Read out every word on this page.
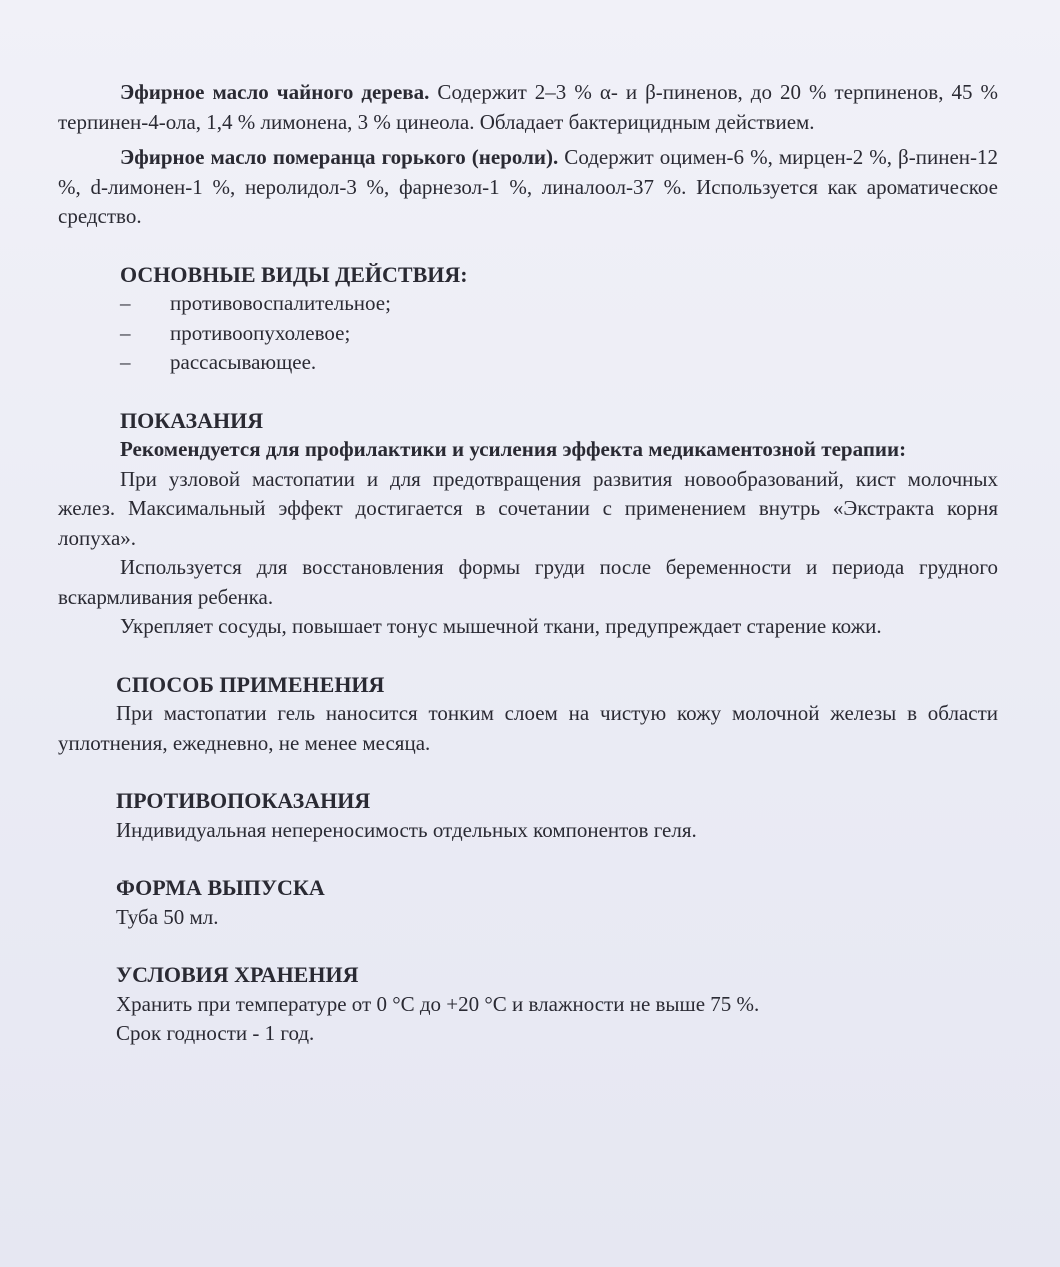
Эфирное масло чайного дерева. Содержит 2–3 % α- и β-пиненов, до 20 % терпиненов, 45 % терпинен-4-ола, 1,4 % лимонена, 3 % цинеола. Обладает бактерицидным действием.

Эфирное масло померанца горького (нероли). Содержит оцимен-6 %, мирцен-2 %, β-пинен-12 %, d-лимонен-1 %, неролидол-3 %, фарнезол-1 %, линалоол-37 %. Используется как ароматическое средство.

ОСНОВНЫЕ ВИДЫ ДЕЙСТВИЯ:
– противовоспалительное;
– противоопухолевое;
– рассасывающее.
ПОКАЗАНИЯ

Рекомендуется для профилактики и усиления эффекта медикаментозной терапии:

При узловой мастопатии и для предотвращения развития новообразований, кист молочных желез. Максимальный эффект достигается в сочетании с применением внутрь «Экстракта корня лопуха».

Используется для восстановления формы груди после беременности и периода грудного вскармливания ребенка.

Укрепляет сосуды, повышает тонус мышечной ткани, предупреждает старение кожи.

СПОСОБ ПРИМЕНЕНИЯ

При мастопатии гель наносится тонким слоем на чистую кожу молочной железы в области уплотнения, ежедневно, не менее месяца.

ПРОТИВОПОКАЗАНИЯ

Индивидуальная непереносимость отдельных компонентов геля.

ФОРМА ВЫПУСКА

Туба 50 мл.

УСЛОВИЯ ХРАНЕНИЯ

Хранить при температуре от 0 °С до +20 °С и влажности не выше 75 %.

Срок годности - 1 год.
